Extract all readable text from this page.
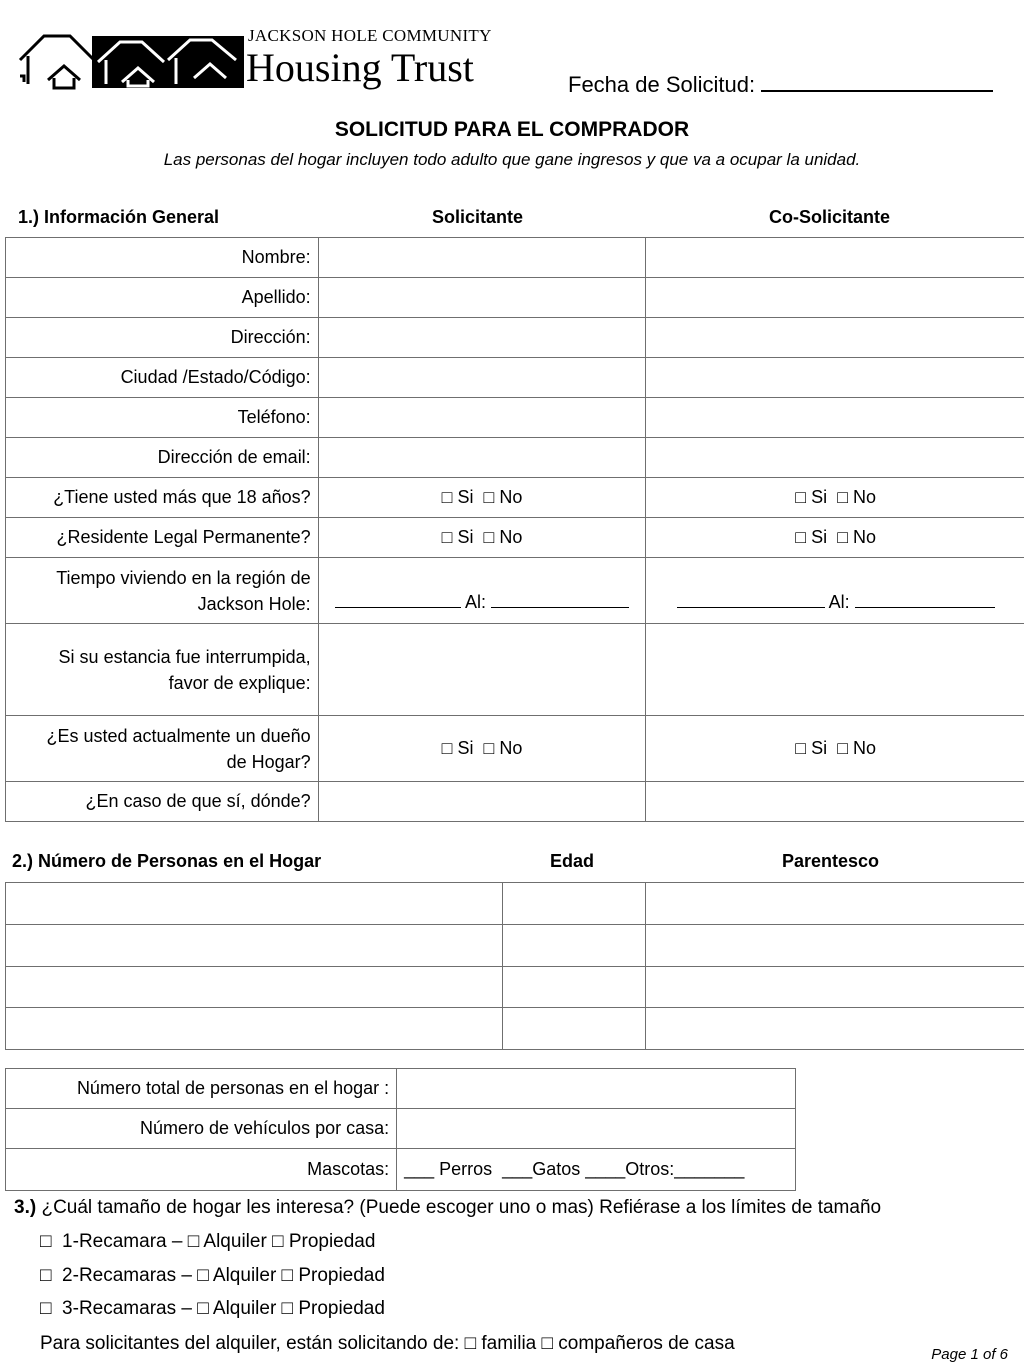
JACKSON HOLE COMMUNITY
Housing Trust	Fecha de Solicitud:
SOLICITUD PARA EL COMPRADOR
Las personas del hogar incluyen todo adulto que gane ingresos y que va a ocupar la unidad.
1.) Información General	Solicitante	Co-Solicitante
Nombre:		
Apellido:		
Dirección:		
Ciudad /Estado/Código:		
Teléfono:		
Dirección de email:		
¿Tiene usted más que 18 años?	□ Si □ No	□ Si □ No
¿Residente Legal Permanente?	□ Si □ No	□ Si □ No
Tiempo viviendo en la región de
Jackson Hole:	Al:	Al:
Si su estancia fue interrumpida,
favor de explique:		
¿Es usted actualmente un dueño
de Hogar?	□ Si □ No	□ Si □ No
¿En caso de que sí, dónde?		
2.) Número de Personas en el Hogar	Edad	Parentesco

Número total de personas en el hogar :	
Número de vehículos por casa:	
Mascotas:	___ Perros  ___Gatos ____Otros:_______
3.) ¿Cuál tamaño de hogar les interesa? (Puede escoger uno o mas) Refiérase a los límites de tamaño
□ 1-Recamara – □ Alquiler □ Propiedad
□ 2-Recamaras – □ Alquiler □ Propiedad
□ 3-Recamaras – □ Alquiler □ Propiedad
Para solicitantes del alquiler, están solicitando de: □ familia □ compañeros de casa
Page 1 of 6
